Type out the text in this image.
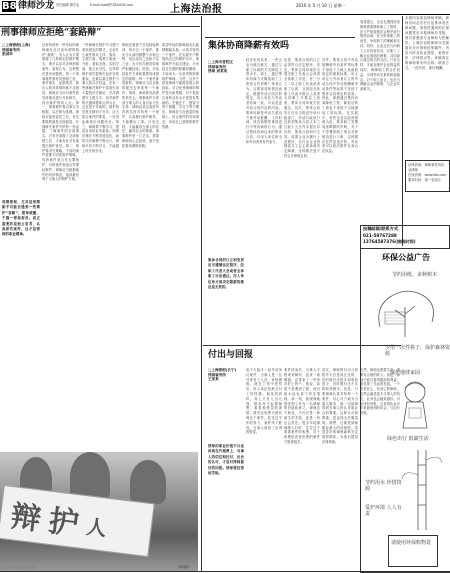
B8 律师沙龙 责任编辑 顾学农	E-mail:lsbs@FZB04CN.com	上海法治报	2010 年 5 月 10 日 星期一
刑事律师应拒绝“套路辩”
□上海律师(上海)
律师事务所
张国华
刑辩律师，尤其是刑辩新手可能会遇到一些辩护“套路”，简单照搬、千篇一律地套用。真正需要的是独立思考、认真研究案件，这才是律师的职业精神。
近来听到有一些年轻的律师朋友在讨论所谓的辩护“套路”，有人认为只要掌握了几种固定的辩护模式，就可以应对各种刑事案件。笔者认为，这种想法是有问题的。每一个刑事案件都有其独特之处，案件事实、证据情况、被告人的具体情形都不尽相同，律师应当针对案件的具体情况进行分析研究，找出辩护的切入点。第一，刑事辩护要以事实为根据，以法律为准绳。律师在接受委托之后，首先要做的就是全面阅卷，仔细研究案件中的每一份证据，了解案件的全部事实。只有在掌握了全部案情之后，才能有针对性地提出辩护意见。第二，辩护要讲究策略。不同的案件需要不同的辩护策略，有的案件适合作无罪辩护，有的案件则适合作罪轻辩护。律师应当根据案件的具体情况，选择最有利于当事人的辩护方案。
一些律师在辩护中习惯于套用固定的模式，无论什么案件都从主体、客体、主观方面、客观方面逐一分析，看似全面，实则空洞，缺乏针对性。这样的辩护意见很难引起法官的重视，也难以真正维护当事人的合法权益。还有一些律师在辩护中喜欢引用大量的法学理论，洋洋洒洒写上数万字，但对案件的关键问题却点到为止，这也是不可取的。辩护意见贵在精而不在多，应当抓住案件的要害，一针见血地指出问题所在。第三，律师要不断学习，提高自身的业务素质。刑事法律在不断发展变化，新的司法解释不断出台，律师只有不断学习，才能跟上时代的步伐。
律师还要善于总结经验教训，每办完一个案件，都应当认真回顾整个办案过程，找出成功之处和不足之处，为今后办理类似案件积累经验。但是，总结经验并不意味着要形成固定的套路。每一个案件都是新的，律师应当以全新的眼光去审视每一个案件。第四，律师要有高度的责任心。刑事案件关系到当事人的人身自由乃至生命，律师必须以高度负责的态度对待每一个案件，认真履行辩护职责，不能敷衍了事。只有这样，才能赢得当事人的信任，赢得社会的尊重。刑事辩护是一门艺术，需要律师用心去经营，而不是依靠所谓的套路。
希望年轻的律师朋友们能够脚踏实地，认真对待每一个案件，在实践中不断提高自己的辩护水平。刑事辩护不能走捷径，只有经过长期的积累和磨练，才能成为一名优秀的刑事辩护律师。当然，这并不是说律师不能借鉴他人的经验。学习优秀律师的辩护技巧和思路，对于提高自身的业务水平是很有帮助的。关键在于，借鉴不等于照搬，学习不等于模仿。律师应当在借鉴的基础上，结合案件的具体情况，形成自己独特的辩护思路。
辩 护 人
资料图片
集体协商降薪有效吗
□上海市普陀区
律师事务所
律师 周某某
集体合同的订立和变更应当遵循法定程序，经职工代表大会或者全体职工讨论通过。用人单位单方面决定降薪的做法是无效的。
经济危机以来，一些企业为渡过难关，通过与职工协商的方式降低工资水平。那么，通过集体协商方式降低职工工资是否有效呢？笔者认为，这要视具体情况而定。根据劳动合同法的规定，用人单位与劳动者协商一致，可以变更劳动合同约定的内容。集体协商是劳动关系双方就劳动报酬、工作时间、休息休假等事项进行平等协商的行为。通过集体协商达成的集体合同，对用人单位和全体劳动者具有约束力。
但是，集体合同的订立必须符合法定程序。首先，集体合同草案应当提交职工代表大会或者全体职工讨论，有三分之二以上职工代表或者职工出席，且须经全体职工代表半数以上或者全体职工半数以上同意，集体合同草案方获通过。其次，集体合同签订后应当报送劳动行政部门，劳动行政部门自收到集体合同文本之日起十五日内未提出异议的，集体合同即行生效。如果企业未履行上述程序，仅仅由企业管理层与工会主席协商决定降薪，这种做法是不符合法律规定的。
另外，集体合同中劳动报酬和劳动条件等标准不得低于当地人民政府规定的最低标准。用人单位与劳动者订立的劳动合同中劳动报酬和劳动条件等标准不得低于集体合同规定的标准。因此，即使通过集体协商降低工资，降低后的工资也不得低于当地最低工资标准。在实践中，有些企业以经营困难为由，要求职工签署同意降薪的声明，对于不签署的职工则以各种理由进行刁难，这种做法显然是违法的。劳动者可以依法维护自身合法权益。
笔者建议，企业在遇到经营困难需要降低职工工资时，应当严格按照法定程序进行集体协商，充分听取职工的意见，争取职工的理解和支持。同时，企业还应当向职工公开经营状况，让职工了解企业面临的困难，共同商讨渡过难关的办法。只有这样，才能在维护企业利益的同时，保障职工的合法权益，实现劳动关系的和谐稳定。对于职工而言，也应当理解企业的困难，与企业共渡难关。
付出与回报
□上海律师(长宁)
律师事务所
王某某
律师的职业价值不只是体现在代理费上，当事人的信任和托付，社会的认可，才是对律师最好的回报。律师要经得起考验。
前不久接手一起劳动争议案件，当事人是一位外来务工人员，家境困难，他在工作中受伤后，用人单位拒绝支付工伤待遇。他找到我时，身上只有几百元钱，根本付不起律师费。看着他焦急的神情，我决定免费为他代理这个案件。经过近半年的努力，案件终于胜诉，当事人拿到了应得的赔偿。
案件结束后，当事人专程来到律所，送来一面锦旗，还带来了一些家乡的土特产。他说，如果不是遇到了我，他可能永远也拿不到这笔钱。那一刻，我深深地感受到了作为一名律师的价值和意义。律师这个职业，不仅仅是一种谋生的手段，更是一份社会责任。很多年轻律师刚入行时，往往过于看重案件的收费，对于收费低或者免费的案件不愿意接手。
其实，律师的付出与回报并不总是成正比的，有时候付出很多却收获很少，有时候付出不多却收获颇丰。但是，只要律师认真对待每一个案件，尽心尽力地为当事人服务，就一定能够得到当事人的认可和社会的尊重。这种认可和尊重，是金钱无法衡量的。我想，这就是律师职业最大的回报吧。希望更多的律师能够关注弱势群体，为他们提供法律帮助。
当然，律师也需要生存，需要有合理的收入。但是，律师不能只看到眼前的利益，而忽视了长远的发展。一个有责任心、有爱心的律师，必然会赢得更多当事人的信任，业务也会越来越好。付出终有回报，这是我执业多年来最深刻的体会。与同行共勉。
本版内容欢迎律师来稿。律师有问必答栏目征集读者法律问题，请将您遇到的法律问题寄至本报律师沙龙版，我们将邀请专业律师为您解答。上海法治报律师沙龙版面向全市律师征集稿件，内容可涉及执业感悟、案例评析、法律观点等。来稿请注明律师事务所名称、联系方式。一经刊用，即付稿酬。
法律咨询：律师事务所执业律师
在线咨询：www.fzb.com
服务时间：周一至周五
投稿邮箱/联系方式
021-58767288
13764587376(接线时间)
环保公益广告
节约用纸，多种树木
少用一次性筷子，保护森林资源
保护地球家园
绿色出行 低碳生活
节约用水 珍惜资源
爱护环境 人人有责
请使用环保购物袋
版权所有 未经许可不得转载
